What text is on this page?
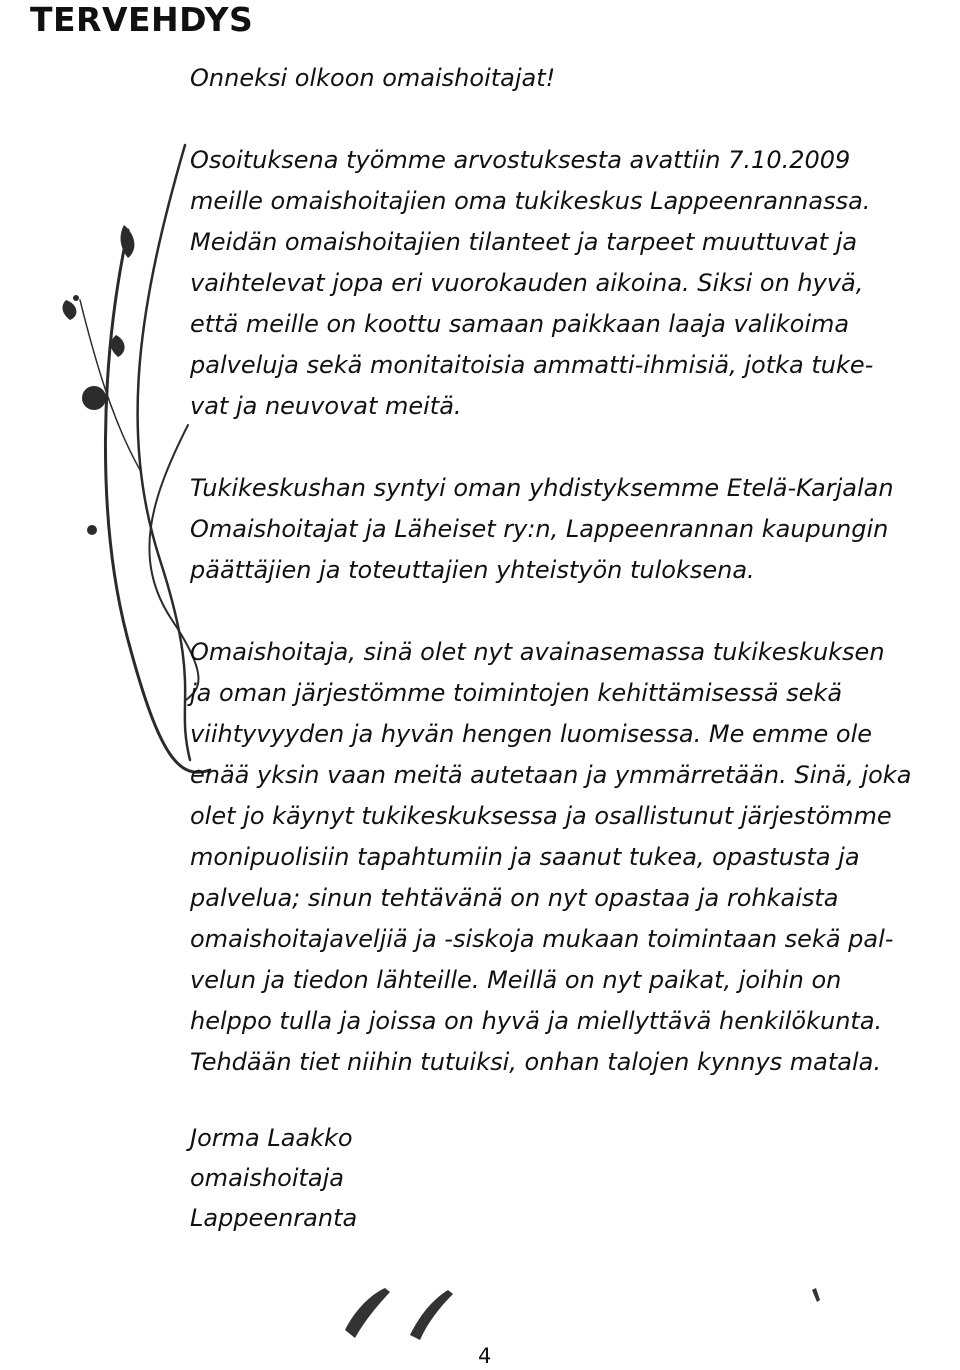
TERVEHDYS

Onneksi olkoon omaishoitajat!

Osoituksena työmme arvostuksesta avattiin 7.10.2009

meille omaishoitajien oma tukikeskus Lappeenrannassa.

Meidän omaishoitajien tilanteet ja tarpeet muuttuvat ja

vaihtelevat jopa eri vuorokauden aikoina. Siksi on hyvä,

että meille on koottu samaan paikkaan laaja valikoima

palveluja sekä monitaitoisia ammatti-ihmisiä, jotka tuke-

vat ja neuvovat meitä.

Tukikeskushan syntyi oman yhdistyksemme Etelä-Karjalan

Omaishoitajat ja Läheiset ry:n, Lappeenrannan kaupungin

päättäjien ja toteuttajien yhteistyön tuloksena.

Omaishoitaja, sinä olet nyt avainasemassa tukikeskuksen

ja oman järjestömme toimintojen kehittämisessä sekä

viihtyvyyden ja hyvän hengen luomisessa. Me emme ole

enää yksin vaan meitä autetaan ja ymmärretään. Sinä, joka

olet jo käynyt tukikeskuksessa ja osallistunut järjestömme

monipuolisiin tapahtumiin ja saanut tukea, opastusta ja

palvelua; sinun tehtävänä on nyt opastaa ja rohkaista

omaishoitajaveljiä ja -siskoja mukaan toimintaan sekä pal-

velun ja tiedon lähteille. Meillä on nyt paikat, joihin on

helppo tulla ja joissa on hyvä ja miellyttävä henkilökunta.

Tehdään tiet niihin tutuiksi, onhan talojen kynnys matala.

Jorma Laakko
omaishoitaja
Lappeenranta
4
